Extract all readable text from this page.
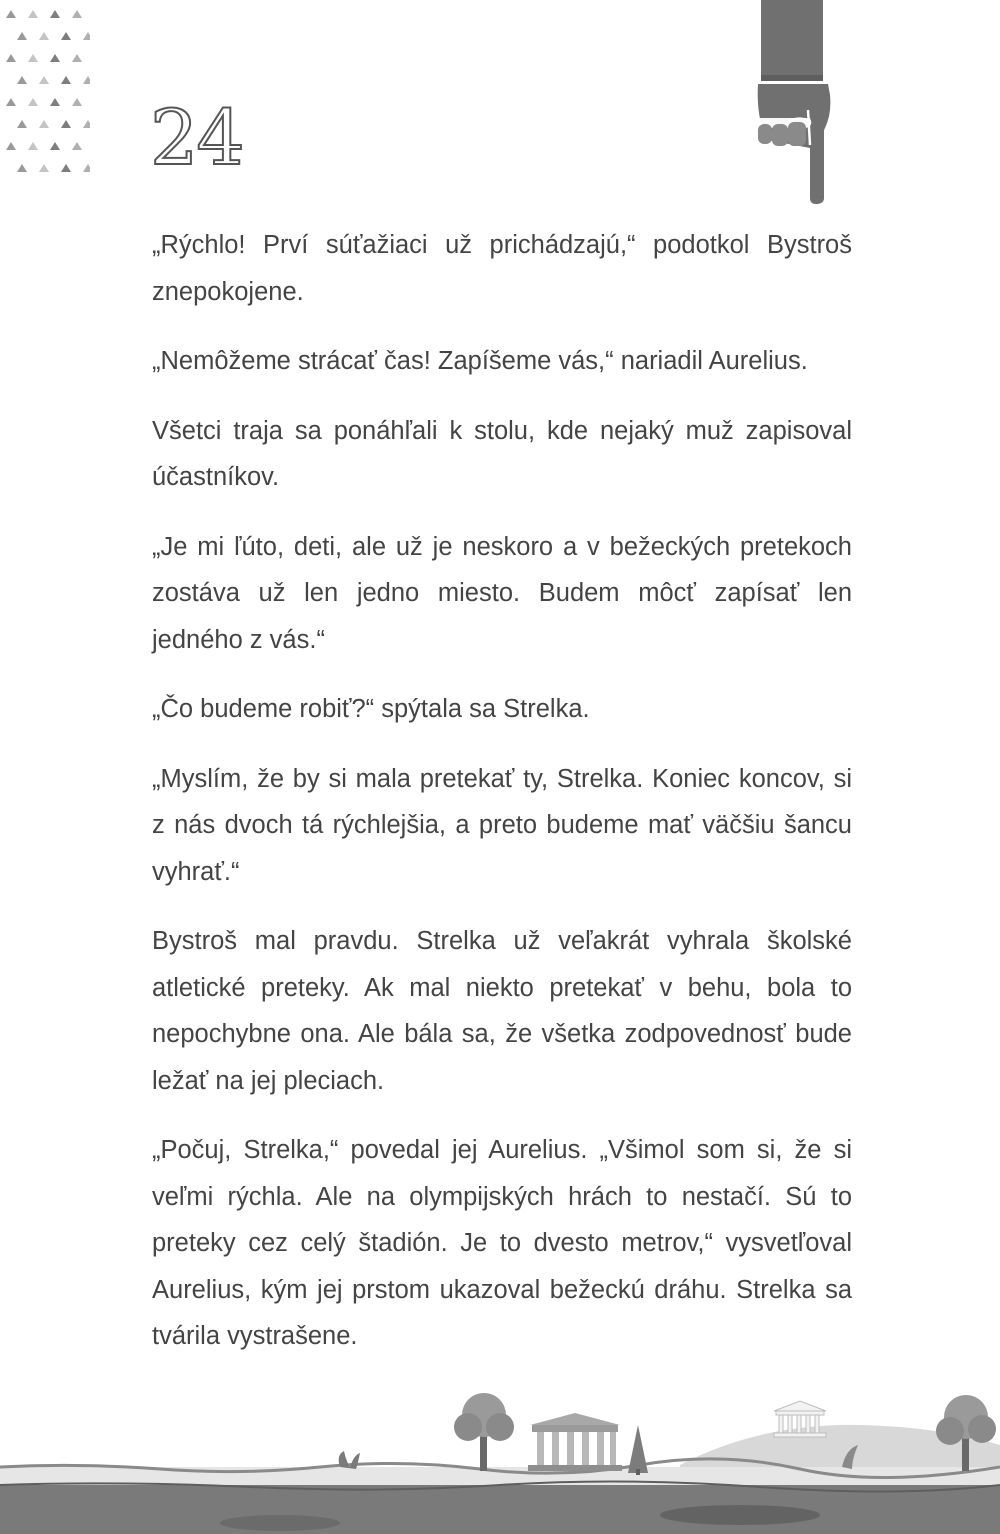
24

„Rýchlo! Prví súťažiaci už prichádzajú,“ podotkol Bystroš znepokojene.

„Nemôžeme strácať čas! Zapíšeme vás,“ nariadil Aurelius.

Všetci traja sa ponáhľali k stolu, kde nejaký muž zapisoval účastníkov.

„Je mi ľúto, deti, ale už je neskoro a v bežeckých pretekoch zostáva už len jedno miesto. Budem môcť zapísať len jedného z vás.“

„Čo budeme robiť?“ spýtala sa Strelka.

„Myslím, že by si mala pretekať ty, Strelka. Koniec koncov, si z nás dvoch tá rýchlejšia, a preto budeme mať väčšiu šancu vyhrať.“

Bystroš mal pravdu. Strelka už veľakrát vyhrala školské atletické preteky. Ak mal niekto pretekať v behu, bola to nepochybne ona. Ale bála sa, že všetka zodpovednosť bude ležať na jej pleciach.

„Počuj, Strelka,“ povedal jej Aurelius. „Všimol som si, že si veľmi rýchla. Ale na olympijských hrách to nestačí. Sú to preteky cez celý štadión. Je to dvesto metrov,“ vysvetľoval Aurelius, kým jej prstom ukazoval bežeckú dráhu. Strelka sa tvárila vystrašene.
